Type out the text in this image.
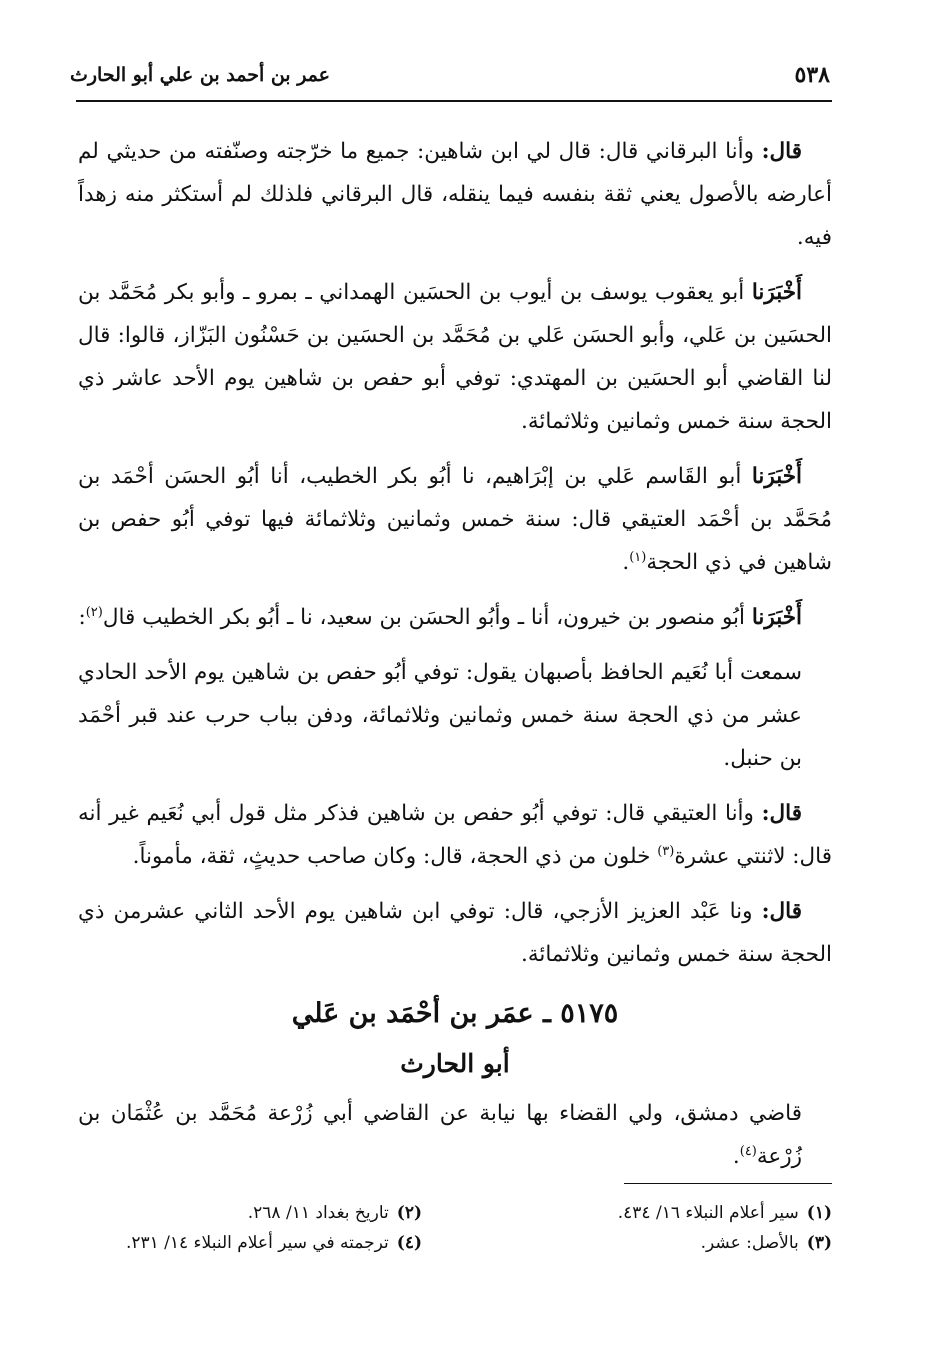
٥٣٨
عمر بن أحمد بن علي أبو الحارث

قال: وأنا البرقاني قال: قال لي ابن شاهين: جميع ما خرّجته وصنّفته من حديثي لم أعارضه بالأصول يعني ثقة بنفسه فيما ينقله، قال البرقاني فلذلك لم أستكثر منه زهداً فيه.

أَخْبَرَنا أبو يعقوب يوسف بن أيوب بن الحسَين الهمداني ـ بمرو ـ وأبو بكر مُحَمَّد بن الحسَين بن عَلي، وأبو الحسَن عَلي بن مُحَمَّد بن الحسَين بن حَسْنُون البَزّاز، قالوا: قال لنا القاضي أبو الحسَين بن المهتدي: توفي أبو حفص بن شاهين يوم الأحد عاشر ذي الحجة سنة خمس وثمانين وثلاثمائة.

أَخْبَرَنا أبو القَاسم عَلي بن إبْرَاهيم، نا أبُو بكر الخطيب، أنا أبُو الحسَن أحْمَد بن مُحَمَّد بن أحْمَد العتيقي قال: سنة خمس وثمانين وثلاثمائة فيها توفي أبُو حفص بن شاهين في ذي الحجة$^{(١)}$.

أَخْبَرَنا أبُو منصور بن خيرون، أنا ـ وأبُو الحسَن بن سعيد، نا ـ أبُو بكر الخطيب قال$^{(٢)}$:

سمعت أبا نُعَيم الحافظ بأصبهان يقول: توفي أبُو حفص بن شاهين يوم الأحد الحادي عشر من ذي الحجة سنة خمس وثمانين وثلاثمائة، ودفن بباب حرب عند قبر أحْمَد بن حنبل.

قال: وأنا العتيقي قال: توفي أبُو حفص بن شاهين فذكر مثل قول أبي نُعَيم غير أنه قال: لاثنتي عشرة$^{(٣)}$ خلون من ذي الحجة، قال: وكان صاحب حديثٍ، ثقة، مأموناً.

قال: ونا عَبْد العزيز الأزجي، قال: توفي ابن شاهين يوم الأحد الثاني عشرمن ذي الحجة سنة خمس وثمانين وثلاثمائة.

٥١٧٥ ـ عمَر بن أحْمَد بن عَلي
أبو الحارث

قاضي دمشق، ولي القضاء بها نيابة عن القاضي أبي زُرْعة مُحَمَّد بن عُثْمَان بن زُرْعة$^{(٤)}$.

(١)سير أعلام النبلاء ١٦/ ٤٣٤.
(٣)بالأصل: عشر.
(٢)تاريخ بغداد ١١/ ٢٦٨.
(٤)ترجمته في سير أعلام النبلاء ١٤/ ٢٣١.
